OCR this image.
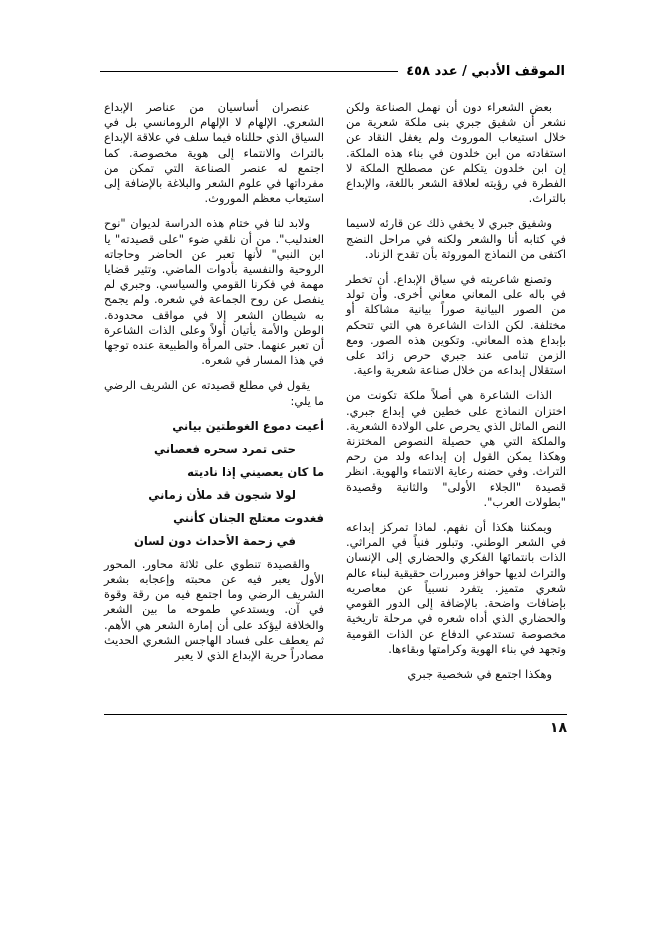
الموقف الأدبي / عدد ٤٥٨

بعض الشعراء دون أن نهمل الصناعة ولكن نشعر أن شفيق جبري بنى ملكة شعرية من خلال استيعاب الموروث ولم يغفل النقاد عن استفادته من ابن خلدون في بناء هذه الملكة. إن ابن خلدون يتكلم عن مصطلح الملكة لا الفطرة في رؤيته لعلاقة الشعر باللغة، والإبداع بالتراث.

وشفيق جبري لا يخفي ذلك عن قارئه لاسيما في كتابه أنا والشعر ولكنه في مراحل النضج اكتفى من النماذج الموروثة بأن تقدح الزناد.

وتصنع شاعريته في سياق الإبداع. أن تخطر في باله على المعاني معاني أخرى. وأن تولد من الصور البيانية صوراً بيانية مشاكلة أو مختلفة. لكن الذات الشاعرة هي التي تتحكم بإبداع هذه المعاني. وتكوين هذه الصور. ومع الزمن تنامى عند جبري حرص زائد على استقلال إبداعه من خلال صناعة شعرية واعية.

الذات الشاعرة هي أصلاً ملكة تكونت من اختزان النماذج على خطين في إبداع جبري. النص الماثل الذي يحرص على الولادة الشعرية. والملكة التي هي حصيلة النصوص المختزنة وهكذا يمكن القول إن إبداعه ولد من رحم التراث. وفي حضنه رعاية الانتماء والهوية. انظر قصيدة "الجلاء الأولى" والثانية وقصيدة "بطولات العرب".

ويمكننا هكذا أن نفهم. لماذا تمركز إبداعه في الشعر الوطني. وتبلور فنياً في المراثي. الذات بانتمائها الفكري والحضاري إلى الإنسان والتراث لديها حوافز ومبررات حقيقية لبناء عالم شعري متميز. يتفرد نسبياً عن معاصريه بإضافات واضحة. بالإضافة إلى الدور القومي والحضاري الذي أداه شعره في مرحلة تاريخية مخصوصة تستدعي الدفاع عن الذات القومية وتجهد في بناء الهوية وكرامتها وبقاءها.

وهكذا اجتمع في شخصية جبري

عنصران أساسيان من عناصر الإبداع الشعري. الإلهام لا الإلهام الرومانسي بل في السياق الذي حللناه فيما سلف في علاقة الإبداع بالتراث والانتماء إلى هوية مخصوصة. كما اجتمع له عنصر الصناعة التي تمكن من مفرداتها في علوم الشعر والبلاغة بالإضافة إلى استيعاب معظم الموروث.

ولابد لنا في ختام هذه الدراسة لديوان "نوح العندليب". من أن نلقي ضوء "على قصيدته" يا ابن النبي" لأنها تعبر عن الحاضر وحاجاته الروحية والنفسية بأدوات الماضي. وتثير قضايا مهمة في فكرنا القومي والسياسي. وجبري لم ينفصل عن روح الجماعة في شعره. ولم يجمح به شيطان الشعر إلا في مواقف محدودة. الوطن والأمة يأتيان أولاً وعلى الذات الشاعرة أن تعبر عنهما. حتى المرأة والطبيعة عنده توجها في هذا المسار في شعره.

يقول في مطلع قصيدته عن الشريف الرضي ما يلي:

أعيت دموع الغوطتين بياني
حتى تمرد سحره فعصاني
ما كان يعصيني إذا ناديته
لولا شجون قد ملأن زماني
فغدوت معتلج الجنان كأنني
في زحمة الأحداث دون لسان

والقصيدة تنطوي على ثلاثة محاور. المحور الأول يعبر فيه عن محبته وإعجابه بشعر الشريف الرضي وما اجتمع فيه من رقة وقوة في آن. ويستدعي طموحه ما بين الشعر والخلافة ليؤكد على أن إمارة الشعر هي الأهم. ثم يعطف على فساد الهاجس الشعري الحديث مصادراً حرية الإبداع الذي لا يعبر

١٨
